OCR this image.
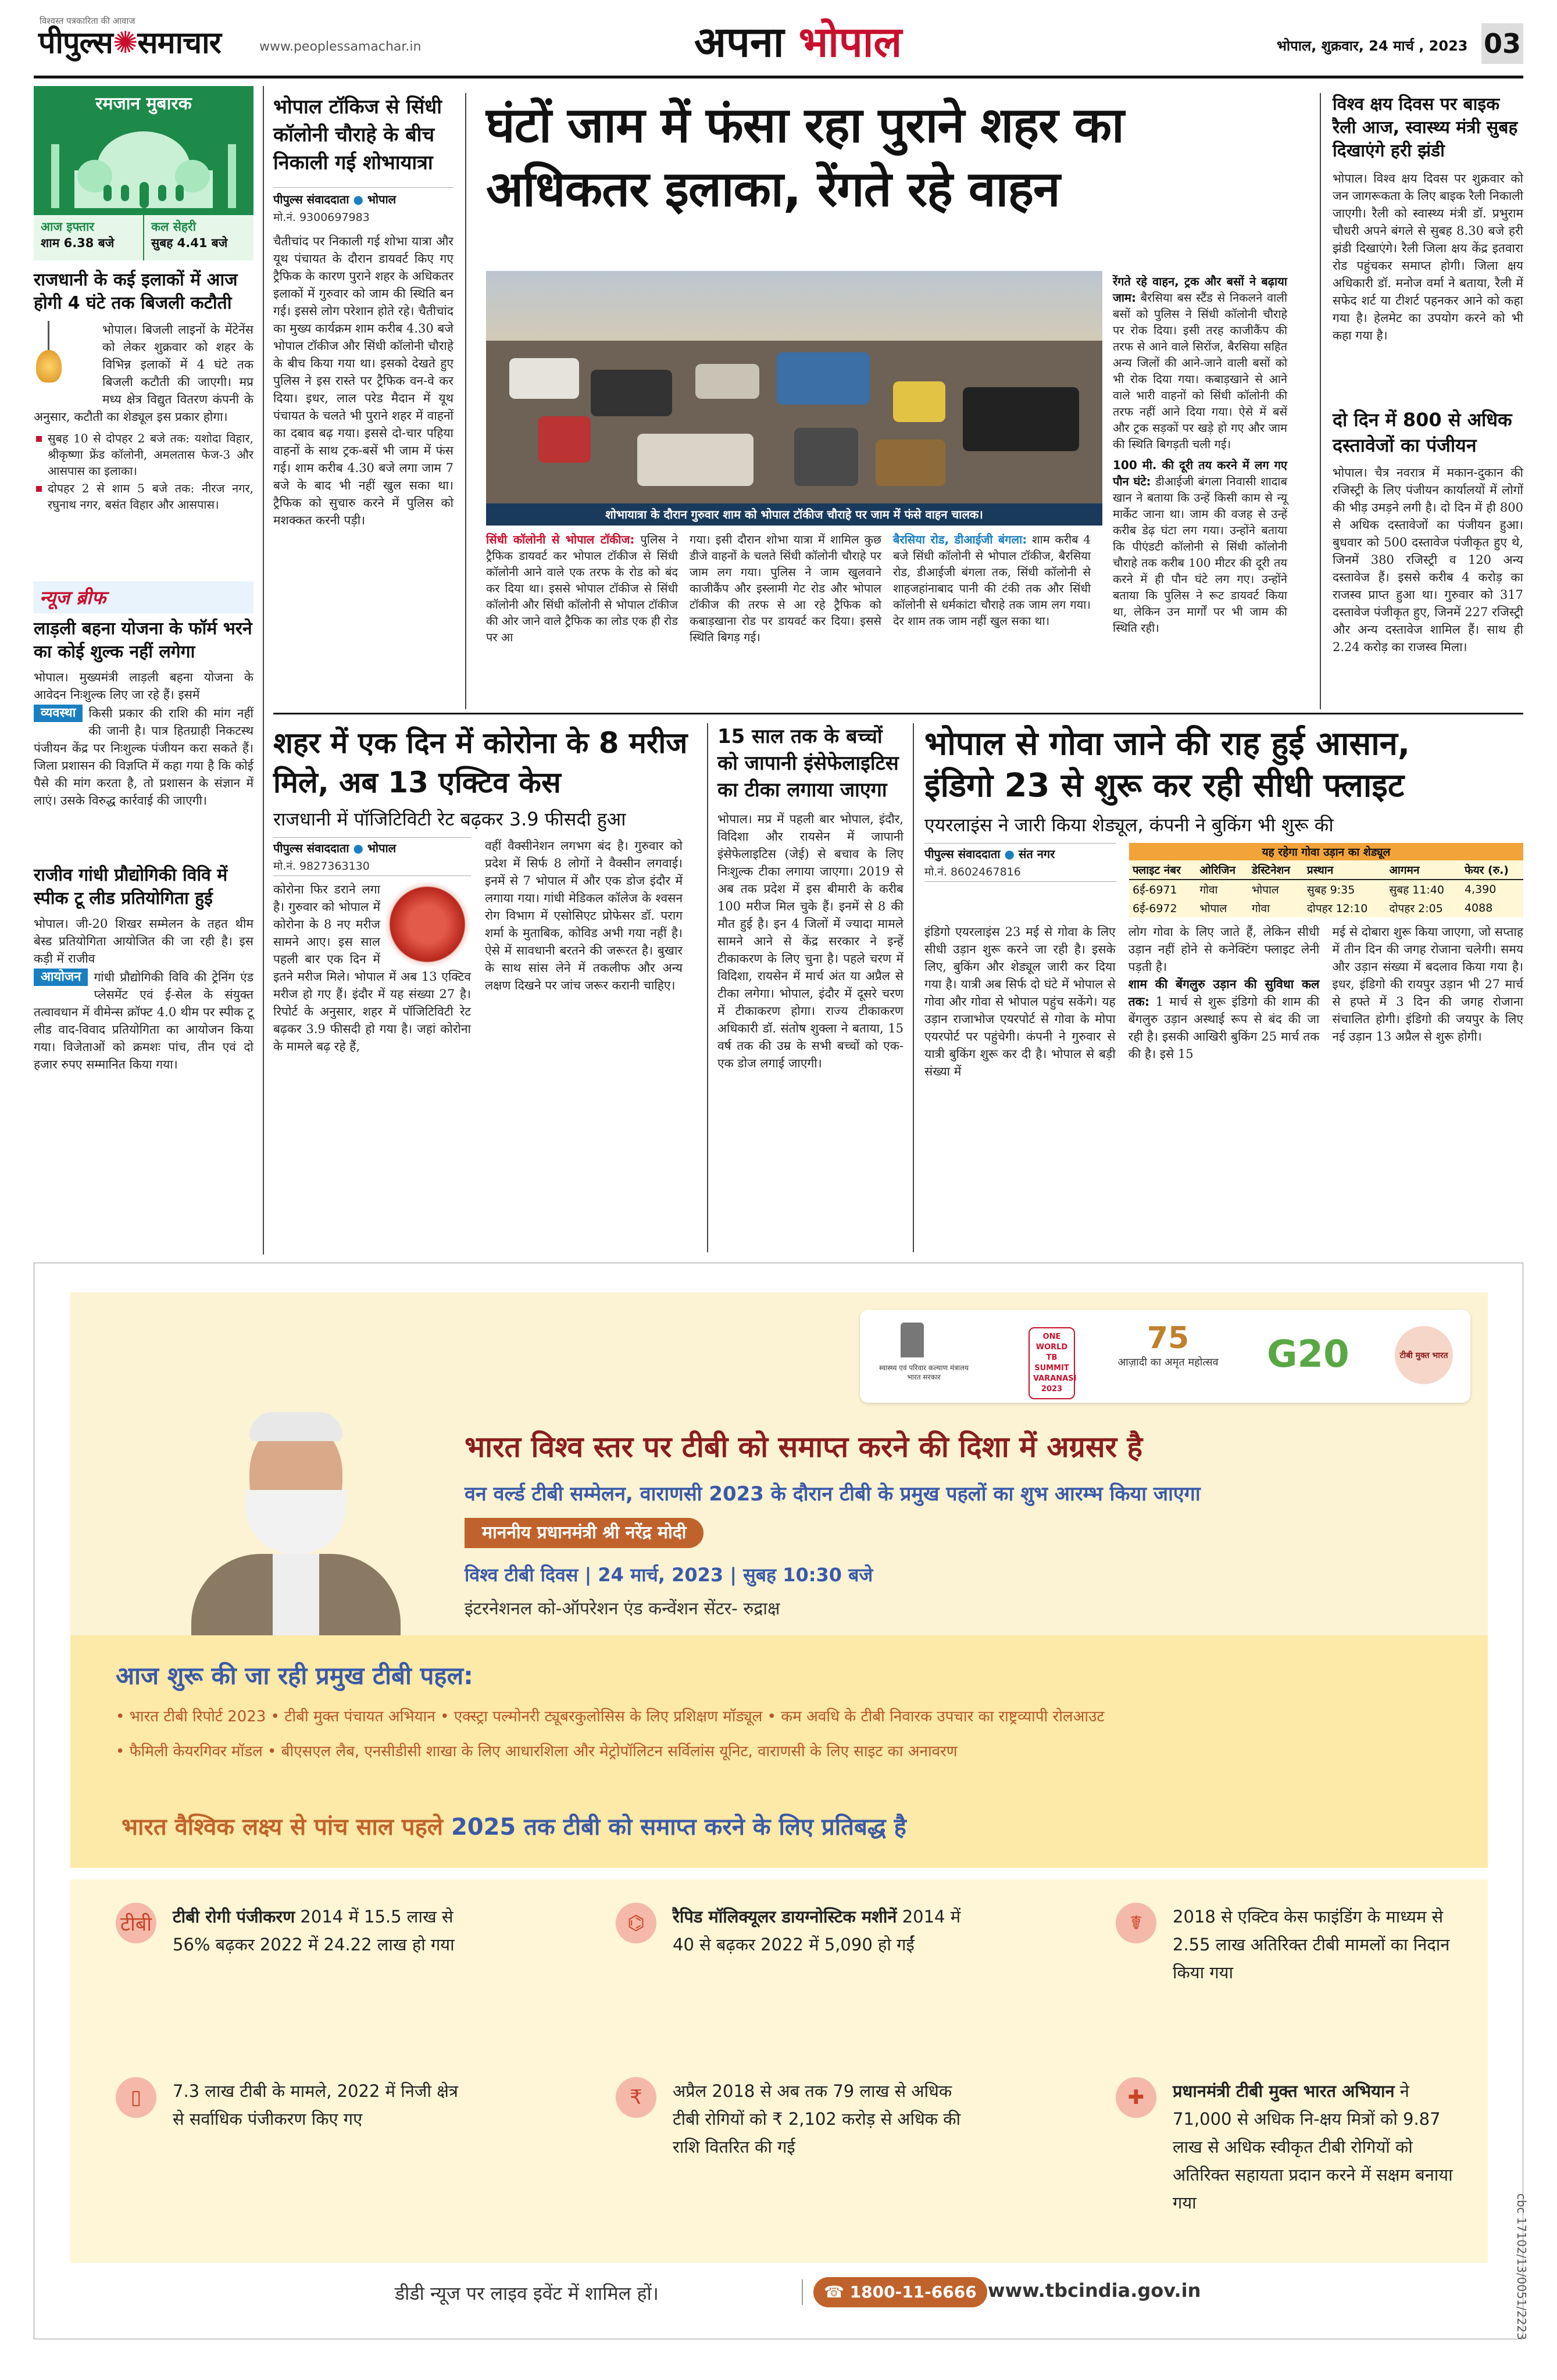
विश्वस्त पत्रकारिता की आवाज
पीपुल्स✺समाचार	www.peoplessamachar.in	अपना भोपाल	भोपाल, शुक्रवार, 24 मार्च , 2023 03
रमजान मुबारक
आज इफ्तार
शाम 6.38 बजे
कल सेहरी
सुबह 4.41 बजे
राजधानी के कई इलाकों में आज होगी 4 घंटे तक बिजली कटौती

भोपाल। बिजली लाइनों के मेंटेनेंस को लेकर शुक्रवार को शहर के विभिन्न इलाकों में 4 घंटे तक बिजली कटौती की जाएगी। मप्र मध्य क्षेत्र विद्युत वितरण कंपनी के अनुसार, कटौती का शेड्यूल इस प्रकार होगा।

सुबह 10 से दोपहर 2 बजे तक: यशोदा विहार, श्रीकृष्णा फ्रेंड कॉलोनी, अमलतास फेज-3 और आसपास का इलाका।

दोपहर 2 से शाम 5 बजे तक: नीरज नगर, रघुनाथ नगर, बसंत विहार और आसपास।

न्यूज ब्रीफ
लाड़ली बहना योजना के फॉर्म भरने का कोई शुल्क नहीं लगेगा

भोपाल। मुख्यमंत्री लाड़ली बहना योजना के आवेदन निःशुल्क लिए जा रहे हैं। इसमें

व्यवस्था	किसी प्रकार की राशि की मांग नहीं की जानी है। पात्र हितग्राही निकटस्थ पंजीयन केंद्र पर निःशुल्क पंजीयन करा सकते हैं। जिला प्रशासन की विज्ञप्ति में कहा गया है कि कोई पैसे की मांग करता है, तो प्रशासन के संज्ञान में लाएं। उसके विरुद्ध कार्रवाई की जाएगी।

राजीव गांधी प्रौद्योगिकी विवि में स्पीक टू लीड प्रतियोगिता हुई

भोपाल। जी-20 शिखर सम्मेलन के तहत थीम बेस्ड प्रतियोगिता आयोजित की जा रही है। इस कड़ी में राजीव

आयोजन	गांधी प्रौद्योगिकी विवि की ट्रेनिंग एंड प्लेसमेंट एवं ई-सेल के संयुक्त तत्वावधान में वीमेन्स क्रॉफ्ट 4.0 थीम पर स्पीक टू लीड वाद-विवाद प्रतियोगिता का आयोजन किया गया। विजेताओं को क्रमशः पांच, तीन एवं दो हजार रुपए सम्मानित किया गया।

भोपाल टॉकिज से सिंधी कॉलोनी चौराहे के बीच निकाली गई शोभायात्रा
पीपुल्स संवाददाता ● भोपाल
मो.नं. 9300697983
चैतीचांद पर निकाली गई शोभा यात्रा और यूथ पंचायत के दौरान डायवर्ट किए गए ट्रैफिक के कारण पुराने शहर के अधिकतर इलाकों में गुरुवार को जाम की स्थिति बन गई। इससे लोग परेशान होते रहे। चैतीचांद का मुख्य कार्यक्रम शाम करीब 4.30 बजे भोपाल टॉकीज और सिंधी कॉलोनी चौराहे के बीच किया गया था। इसको देखते हुए पुलिस ने इस रास्ते पर ट्रैफिक वन-वे कर दिया। इधर, लाल परेड मैदान में यूथ पंचायत के चलते भी पुराने शहर में वाहनों का दबाव बढ़ गया। इससे दो-चार पहिया वाहनों के साथ ट्रक-बसें भी जाम में फंस गई। शाम करीब 4.30 बजे लगा जाम 7 बजे के बाद भी नहीं खुल सका था। ट्रैफिक को सुचारु करने में पुलिस को मशक्कत करनी पड़ी।
घंटों जाम में फंसा रहा पुराने शहर का
अधिकतर इलाका, रेंगते रहे वाहन
शोभायात्रा के दौरान गुरुवार शाम को भोपाल टॉकीज चौराहे पर जाम में फंसे वाहन चालक।
रेंगते रहे वाहन, ट्रक और बसों ने बढ़ाया जाम: बैरसिया बस स्टैंड से निकलने वाली बसों को पुलिस ने सिंधी कॉलोनी चौराहे पर रोक दिया। इसी तरह काजीकैंप की तरफ से आने वाले सिरोंज, बैरसिया सहित अन्य जिलों की आने-जाने वाली बसों को भी रोक दिया गया। कबाड़खाने से आने वाले भारी वाहनों को सिंधी कॉलोनी की तरफ नहीं आने दिया गया। ऐसे में बसें और ट्रक सड़कों पर खड़े हो गए और जाम की स्थिति बिगड़ती चली गई।
100 मी. की दूरी तय करने में लग गए पौन घंटे: डीआईजी बंगला निवासी शादाब खान ने बताया कि उन्हें किसी काम से न्यू मार्केट जाना था। जाम की वजह से उन्हें करीब डेढ़ घंटा लग गया। उन्होंने बताया कि पीएंडटी कॉलोनी से सिंधी कॉलोनी चौराहे तक करीब 100 मीटर की दूरी तय करने में ही पौन घंटे लग गए। उन्होंने बताया कि पुलिस ने रूट डायवर्ट किया था, लेकिन उन मार्गों पर भी जाम की स्थिति रही।
सिंधी कॉलोनी से भोपाल टॉकीज: पुलिस ने ट्रैफिक डायवर्ट कर भोपाल टॉकीज से सिंधी कॉलोनी आने वाले एक तरफ के रोड को बंद कर दिया था। इससे भोपाल टॉकीज से सिंधी कॉलोनी और सिंधी कॉलोनी से भोपाल टॉकीज की ओर जाने वाले ट्रैफिक का लोड एक ही रोड पर आ
गया। इसी दौरान शोभा यात्रा में शामिल कुछ डीजे वाहनों के चलते सिंधी कॉलोनी चौराहे पर जाम लग गया। पुलिस ने जाम खुलवाने काजीकैंप और इस्लामी गेट रोड और भोपाल टॉकीज की तरफ से आ रहे ट्रैफिक को कबाड़खाना रोड पर डायवर्ट कर दिया। इससे स्थिति बिगड़ गई।
बैरसिया रोड, डीआईजी बंगला: शाम करीब 4 बजे सिंधी कॉलोनी से भोपाल टॉकीज, बैरसिया रोड, डीआईजी बंगला तक, सिंधी कॉलोनी से शाहजहांनाबाद पानी की टंकी तक और सिंधी कॉलोनी से धर्मकांटा चौराहे तक जाम लग गया। देर शाम तक जाम नहीं खुल सका था।
विश्व क्षय दिवस पर बाइक रैली आज, स्वास्थ्य मंत्री सुबह दिखाएंगे हरी झंडी
भोपाल। विश्व क्षय दिवस पर शुक्रवार को जन जागरूकता के लिए बाइक रैली निकाली जाएगी। रैली को स्वास्थ्य मंत्री डॉ. प्रभुराम चौधरी अपने बंगले से सुबह 8.30 बजे हरी झंडी दिखाएंगे। रैली जिला क्षय केंद्र इतवारा रोड पहुंचकर समाप्त होगी। जिला क्षय अधिकारी डॉ. मनोज वर्मा ने बताया, रैली में सफेद शर्ट या टीशर्ट पहनकर आने को कहा गया है। हेलमेट का उपयोग करने को भी कहा गया है।
दो दिन में 800 से अधिक दस्तावेजों का पंजीयन
भोपाल। चैत्र नवरात्र में मकान-दुकान की रजिस्ट्री के लिए पंजीयन कार्यालयों में लोगों की भीड़ उमड़ने लगी है। दो दिन में ही 800 से अधिक दस्तावेजों का पंजीयन हुआ। बुधवार को 500 दस्तावेज पंजीकृत हुए थे, जिनमें 380 रजिस्ट्री व 120 अन्य दस्तावेज हैं। इससे करीब 4 करोड़ का राजस्व प्राप्त हुआ था। गुरुवार को 317 दस्तावेज पंजीकृत हुए, जिनमें 227 रजिस्ट्री और अन्य दस्तावेज शामिल हैं। साथ ही 2.24 करोड़ का राजस्व मिला।
शहर में एक दिन में कोरोना के 8 मरीज मिले, अब 13 एक्टिव केस
राजधानी में पॉजिटिविटी रेट बढ़कर 3.9 फीसदी हुआ
पीपुल्स संवाददाता ● भोपाल
मो.नं. 9827363130
कोरोना फिर डराने लगा है। गुरुवार को भोपाल में कोरोना के 8 नए मरीज सामने आए। इस साल पहली बार एक दिन में इतने मरीज मिले। भोपाल में अब 13 एक्टिव मरीज हो गए हैं। इंदौर में यह संख्या 27 है। रिपोर्ट के अनुसार, शहर में पॉजिटिविटी रेट बढ़कर 3.9 फीसदी हो गया है। जहां कोरोना के मामले बढ़ रहे हैं,
वहीं वैक्सीनेशन लगभग बंद है। गुरुवार को प्रदेश में सिर्फ 8 लोगों ने वैक्सीन लगवाई। इनमें से 7 भोपाल में और एक डोज इंदौर में लगाया गया। गांधी मेडिकल कॉलेज के श्वसन रोग विभाग में एसोसिएट प्रोफेसर डॉ. पराग शर्मा के मुताबिक, कोविड अभी गया नहीं है। ऐसे में सावधानी बरतने की जरूरत है। बुखार के साथ सांस लेने में तकलीफ और अन्य लक्षण दिखने पर जांच जरूर करानी चाहिए।
15 साल तक के बच्चों को जापानी इंसेफेलाइटिस का टीका लगाया जाएगा
भोपाल। मप्र में पहली बार भोपाल, इंदौर, विदिशा और रायसेन में जापानी इंसेफेलाइटिस (जेई) से बचाव के लिए निःशुल्क टीका लगाया जाएगा। 2019 से अब तक प्रदेश में इस बीमारी के करीब 100 मरीज मिल चुके हैं। इनमें से 8 की मौत हुई है। इन 4 जिलों में ज्यादा मामले सामने आने से केंद्र सरकार ने इन्हें टीकाकरण के लिए चुना है। पहले चरण में विदिशा, रायसेन में मार्च अंत या अप्रैल से टीका लगेगा। भोपाल, इंदौर में दूसरे चरण में टीकाकरण होगा। राज्य टीकाकरण अधिकारी डॉ. संतोष शुक्ला ने बताया, 15 वर्ष तक की उम्र के सभी बच्चों को एक-एक डोज लगाई जाएगी।
भोपाल से गोवा जाने की राह हुई आसान,
इंडिगो 23 से शुरू कर रही सीधी फ्लाइट
एयरलाइंस ने जारी किया शेड्यूल, कंपनी ने बुकिंग भी शुरू की
पीपुल्स संवाददाता ● संत नगर
मो.नं. 8602467816
यह रहेगा गोवा उड़ान का शेड्यूल
फ्लाइट नंबर	ओरिजिन	डेस्टिनेशन	प्रस्थान	आगमन	फेयर (रु.)
6ई-6971	गोवा	भोपाल	सुबह 9:35	सुबह 11:40	4,390
6ई-6972	भोपाल	गोवा	दोपहर 12:10	दोपहर 2:05	4088
इंडिगो एयरलाइंस 23 मई से गोवा के लिए सीधी उड़ान शुरू करने जा रही है। इसके लिए, बुकिंग और शेड्यूल जारी कर दिया गया है। यात्री अब सिर्फ दो घंटे में भोपाल से गोवा और गोवा से भोपाल पहुंच सकेंगे। यह उड़ान राजाभोज एयरपोर्ट से गोवा के मोपा एयरपोर्ट पर पहुंचेगी। कंपनी ने गुरुवार से यात्री बुकिंग शुरू कर दी है। भोपाल से बड़ी संख्या में
लोग गोवा के लिए जाते हैं, लेकिन सीधी उड़ान नहीं होने से कनेक्टिंग फ्लाइट लेनी पड़ती है।
शाम की बेंगलुरु उड़ान की सुविधा कल तक: 1 मार्च से शुरू इंडिगो की शाम की बेंगलुरु उड़ान अस्थाई रूप से बंद की जा रही है। इसकी आखिरी बुकिंग 25 मार्च तक की है। इसे 15
मई से दोबारा शुरू किया जाएगा, जो सप्ताह में तीन दिन की जगह रोजाना चलेगी। समय और उड़ान संख्या में बदलाव किया गया है। इधर, इंडिगो की रायपुर उड़ान भी 27 मार्च से हफ्ते में 3 दिन की जगह रोजाना संचालित होगी। इंडिगो की जयपुर के लिए नई उड़ान 13 अप्रैल से शुरू होगी।
स्वास्थ्य एवं परिवार कल्याण मंत्रालय भारत सरकार
ONE WORLD TB SUMMIT VARANASI 2023
75
आज़ादी का अमृत महोत्सव G20	टीबी मुक्त भारत
भारत विश्व स्तर पर टीबी को समाप्त करने की दिशा में अग्रसर है
वन वर्ल्ड टीबी सम्मेलन, वाराणसी 2023 के दौरान टीबी के प्रमुख पहलों का शुभ आरम्भ किया जाएगा
माननीय प्रधानमंत्री श्री नरेंद्र मोदी
विश्व टीबी दिवस | 24 मार्च, 2023 | सुबह 10:30 बजे
इंटरनेशनल को-ऑपरेशन एंड कन्वेंशन सेंटर- रुद्राक्ष
आज शुरू की जा रही प्रमुख टीबी पहल:
• भारत टीबी रिपोर्ट 2023 • टीबी मुक्त पंचायत अभियान • एक्स्ट्रा पल्मोनरी ट्यूबरकुलोसिस के लिए प्रशिक्षण मॉड्यूल • कम अवधि के टीबी निवारक उपचार का राष्ट्रव्यापी रोलआउट
• फैमिली केयरगिवर मॉडल • बीएसएल लैब, एनसीडीसी शाखा के लिए आधारशिला और मेट्रोपॉलिटन सर्विलांस यूनिट, वाराणसी के लिए साइट का अनावरण
भारत वैश्विक लक्ष्य से पांच साल पहले 2025 तक टीबी को समाप्त करने के लिए प्रतिबद्ध है
टीबी टीबी रोगी पंजीकरण 2014 में 15.5 लाख से 56% बढ़कर 2022 में 24.22 लाख हो गया
⌬	रैपिड मॉलिक्यूलर डायग्नोस्टिक मशीनें 2014 में 40 से बढ़कर 2022 में 5,090 हो गईं
☤	2018 से एक्टिव केस फाइंडिंग के माध्यम से 2.55 लाख अतिरिक्त टीबी मामलों का निदान किया गया
▯	7.3 लाख टीबी के मामले, 2022 में निजी क्षेत्र से सर्वाधिक पंजीकरण किए गए
₹	अप्रैल 2018 से अब तक 79 लाख से अधिक टीबी रोगियों को ₹ 2,102 करोड़ से अधिक की राशि वितरित की गई
✚	प्रधानमंत्री टीबी मुक्त भारत अभियान ने 71,000 से अधिक नि-क्षय मित्रों को 9.87 लाख से अधिक स्वीकृत टीबी रोगियों को अतिरिक्त सहायता प्रदान करने में सक्षम बनाया गया
डीडी न्यूज पर लाइव इवेंट में शामिल हों।	☎ 1800-11-6666 www.tbcindia.gov.in	cbc 17102/13/0051/2223
